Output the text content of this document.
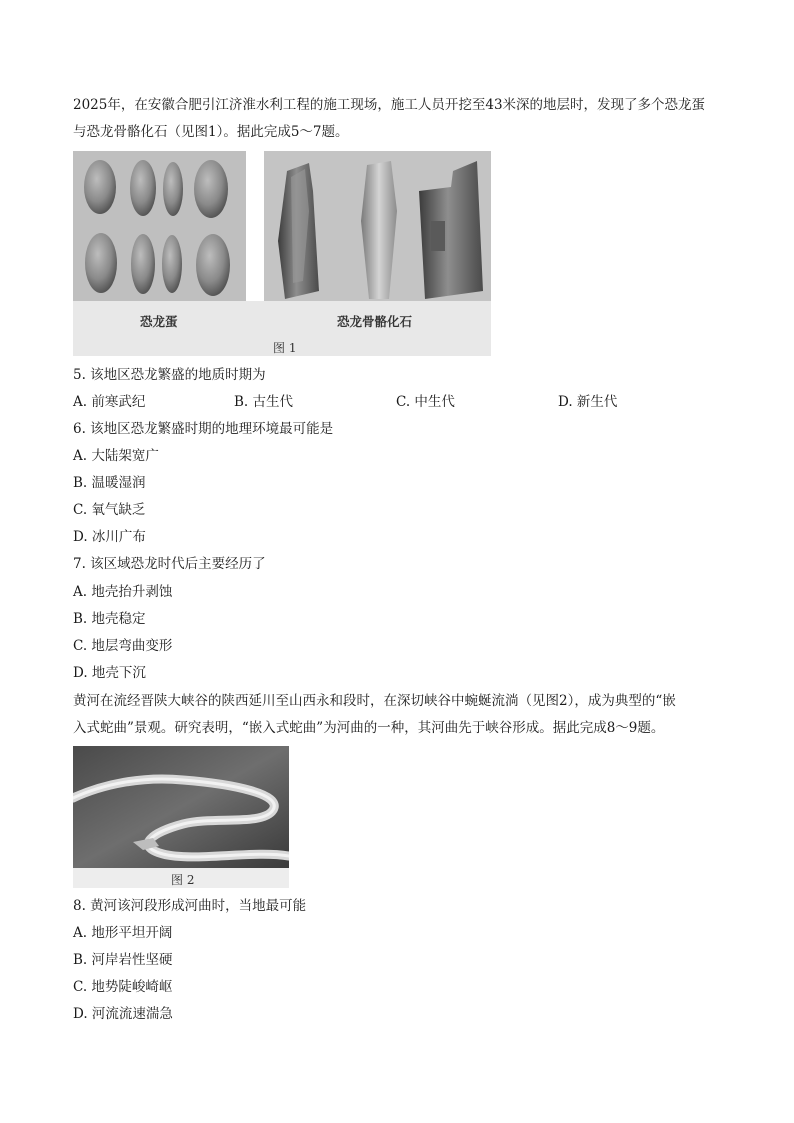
2025年，在安徽合肥引江济淮水利工程的施工现场，施工人员开挖至43米深的地层时，发现了多个恐龙蛋
与恐龙骨骼化石（见图1）。据此完成5～7题。
恐龙蛋	恐龙骨骼化石
图 1
5. 该地区恐龙繁盛的地质时期为
A. 前寒武纪	B. 古生代	C. 中生代	D. 新生代
6. 该地区恐龙繁盛时期的地理环境最可能是
A. 大陆架宽广
B. 温暖湿润
C. 氧气缺乏
D. 冰川广布
7. 该区域恐龙时代后主要经历了
A. 地壳抬升剥蚀
B. 地壳稳定
C. 地层弯曲变形
D. 地壳下沉
黄河在流经晋陕大峡谷的陕西延川至山西永和段时，在深切峡谷中蜿蜒流淌（见图2），成为典型的“嵌
入式蛇曲”景观。研究表明，“嵌入式蛇曲”为河曲的一种，其河曲先于峡谷形成。据此完成8～9题。
图 2
8. 黄河该河段形成河曲时，当地最可能
A. 地形平坦开阔
B. 河岸岩性坚硬
C. 地势陡峻崎岖
D. 河流流速湍急
